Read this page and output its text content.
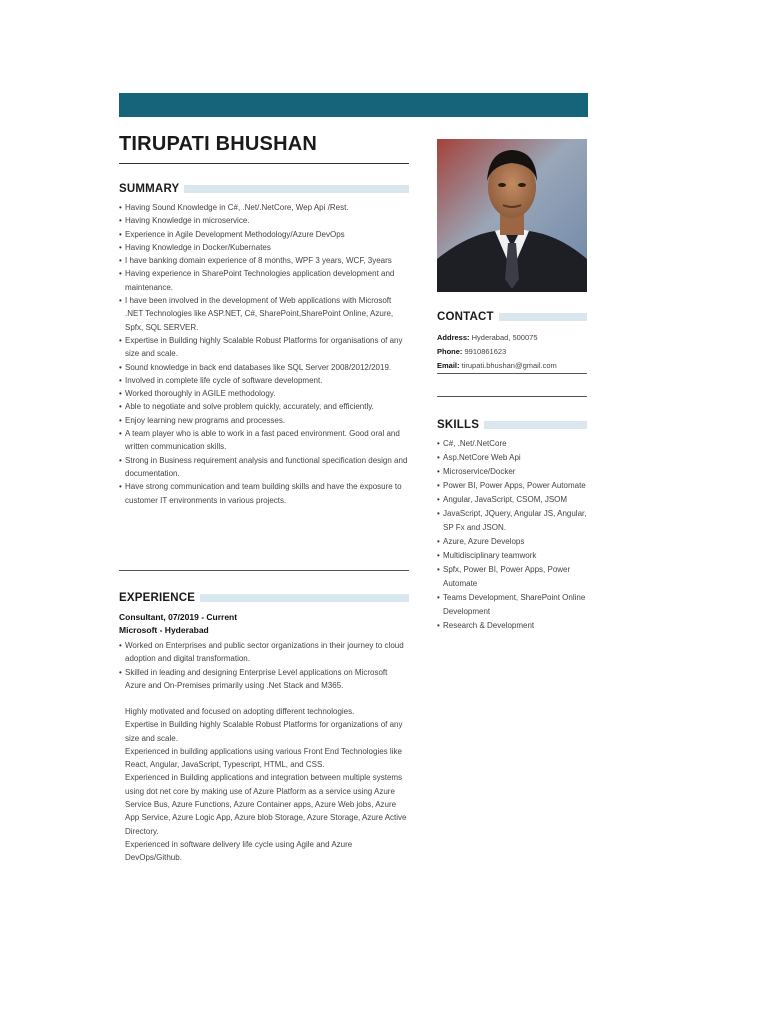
TIRUPATI BHUSHAN
SUMMARY
• Having Sound Knowledge in C#, .Net/.NetCore, Wep Api /Rest.
• Having Knowledge in microservice.
• Experience in Agile Development Methodology/Azure DevOps
• Having Knowledge in Docker/Kubernates
• I have banking domain experience of 8 months, WPF 3 years, WCF, 3years
• Having experience in SharePoint Technologies application development and maintenance.
• I have been involved in the development of Web applications with Microsoft .NET Technologies like ASP.NET, C#, SharePoint,SharePoint Online, Azure, Spfx, SQL SERVER.
• Expertise in Building highly Scalable Robust Platforms for organisations of any size and scale.
• Sound knowledge in back end databases like SQL Server 2008/2012/2019.
• Involved in complete life cycle of software development.
• Worked thoroughly in AGILE methodology.
• Able to negotiate and solve problem quickly, accurately, and efficiently.
• Enjoy learning new programs and processes.
• A team player who is able to work in a fast paced environment. Good oral and written communication skills.
• Strong in Business requirement analysis and functional specification design and documentation.
• Have strong communication and team building skills and have the exposure to customer IT environments in various projects.
EXPERIENCE
Consultant, 07/2019 - Current
Microsoft - Hyderabad
• Worked on Enterprises and public sector organizations in their journey to cloud adoption and digital transformation.
• Skilled in leading and designing Enterprise Level applications on Microsoft Azure and On-Premises primarily using .Net Stack and M365.
Highly motivated and focused on adopting different technologies.
Expertise in Building highly Scalable Robust Platforms for organizations of any size and scale.
Experienced in building applications using various Front End Technologies like React, Angular, JavaScript, Typescript, HTML, and CSS.
Experienced in Building applications and integration between multiple systems using dot net core by making use of Azure Platform as a service using Azure Service Bus, Azure Functions, Azure Container apps, Azure Web jobs, Azure App Service, Azure Logic App, Azure blob Storage, Azure Storage, Azure Active Directory.
Experienced in software delivery life cycle using Agile and Azure DevOps/Github.
CONTACT
Address: Hyderabad, 500075
Phone: 9910861623
Email: tirupati.bhushan@gmail.com
SKILLS
• C#, .Net/.NetCore
• Asp.NetCore Web Api
• Microservice/Docker
• Power BI, Power Apps, Power Automate
• Angular, JavaScript, CSOM, JSOM
• JavaScript, JQuery, Angular JS, Angular, SP Fx and JSON.
• Azure, Azure Develops
• Multidisciplinary teamwork
• Spfx, Power BI, Power Apps, Power Automate
• Teams Development, SharePoint Online Development
• Research & Development
